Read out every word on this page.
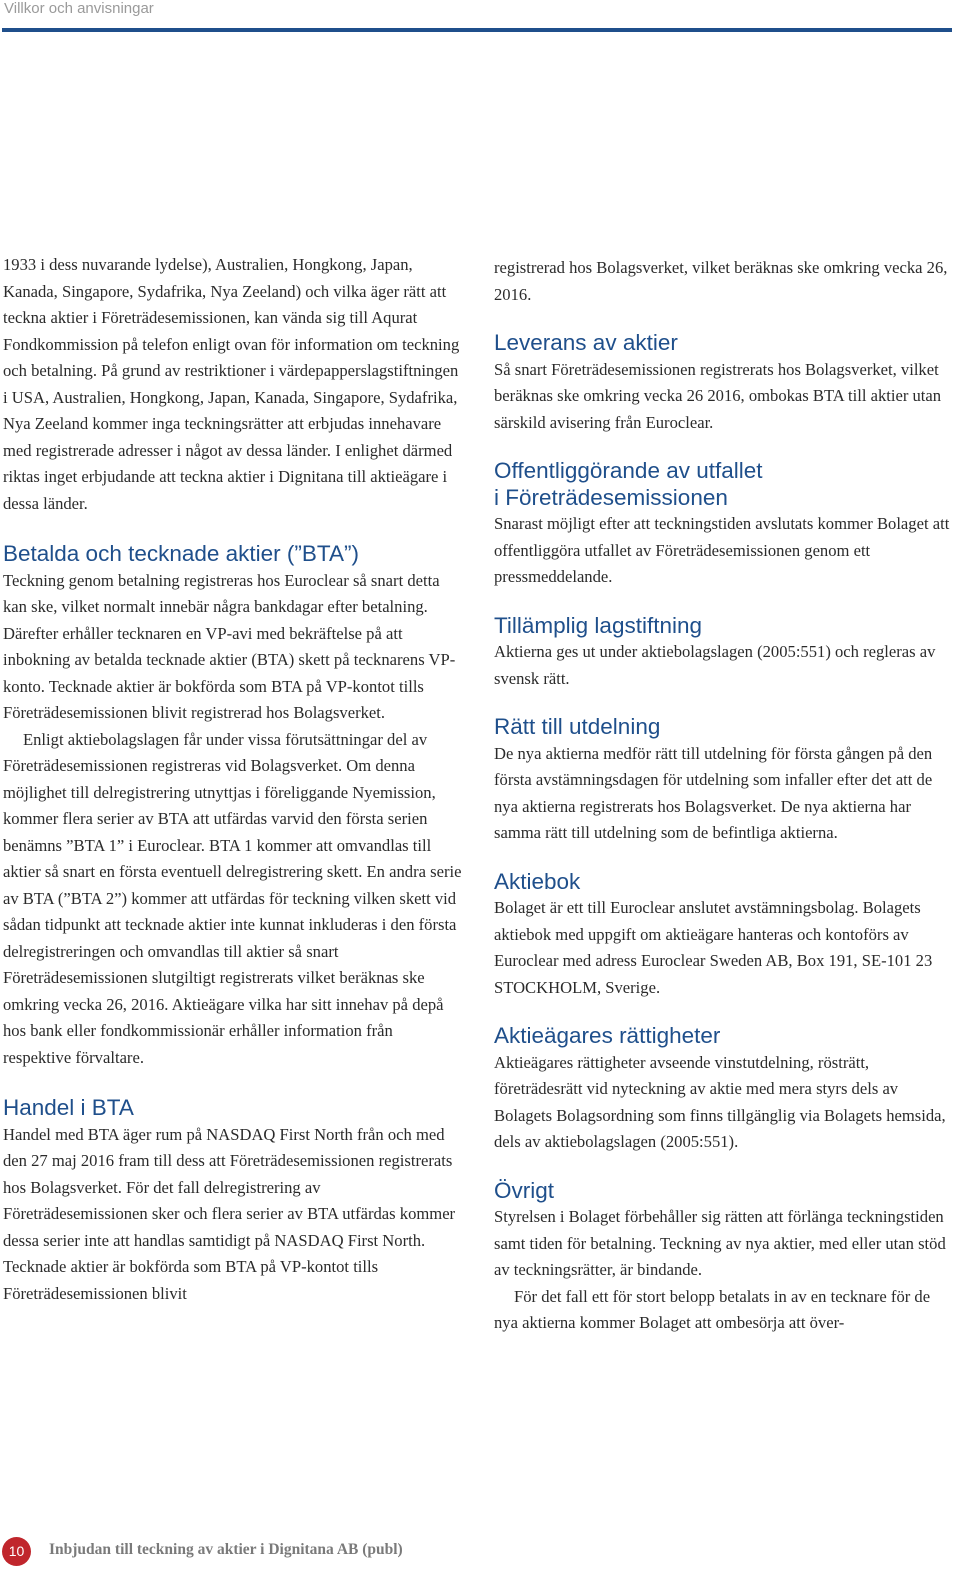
Villkor och anvisningar

1933 i dess nuvarande lydelse), Australien, Hongkong, Japan, Kanada, Singapore, Sydafrika, Nya Zeeland) och vilka äger rätt att teckna aktier i Företrädesemissionen, kan vända sig till Aqurat Fondkommission på telefon enligt ovan för information om teckning och betalning. På grund av restriktioner i värdepapperslagstiftningen i USA, Australien, Hongkong, Japan, Kanada, Singapore, Sydafrika, Nya Zeeland kommer inga teckningsrätter att erbjudas innehavare med registrerade adresser i något av dessa länder. I enlighet därmed riktas inget erbjudande att teckna aktier i Dignitana till aktieägare i dessa länder.

Betalda och tecknade aktier (”BTA”)

Teckning genom betalning registreras hos Euroclear så snart detta kan ske, vilket normalt innebär några bankdagar efter betalning. Därefter erhåller tecknaren en VP-avi med bekräftelse på att inbokning av betalda tecknade aktier (BTA) skett på tecknarens VP-konto. Tecknade aktier är bokförda som BTA på VP-kontot tills Företrädesemissionen blivit registrerad hos Bolagsverket.

Enligt aktiebolagslagen får under vissa förutsättningar del av Företrädesemissionen registreras vid Bolagsverket. Om denna möjlighet till delregistrering utnyttjas i föreliggande Nyemission, kommer flera serier av BTA att utfärdas varvid den första serien benämns ”BTA 1” i Euroclear. BTA 1 kommer att omvandlas till aktier så snart en första eventuell delregistrering skett. En andra serie av BTA (”BTA 2”) kommer att utfärdas för teckning vilken skett vid sådan tidpunkt att tecknade aktier inte kunnat inkluderas i den första delregistreringen och omvandlas till aktier så snart Företrädesemissionen slutgiltigt registrerats vilket beräknas ske omkring vecka 26, 2016. Aktieägare vilka har sitt innehav på depå hos bank eller fondkommissionär erhåller information från respektive förvaltare.

Handel i BTA

Handel med BTA äger rum på NASDAQ First North från och med den 27 maj 2016 fram till dess att Företrädesemissionen registrerats hos Bolagsverket. För det fall delregistrering av Företrädesemissionen sker och flera serier av BTA utfärdas kommer dessa serier inte att handlas samtidigt på NASDAQ First North. Tecknade aktier är bokförda som BTA på VP-kontot tills Företrädesemissionen blivit

registrerad hos Bolagsverket, vilket beräknas ske omkring vecka 26, 2016.

Leverans av aktier

Så snart Företrädesemissionen registrerats hos Bolagsverket, vilket beräknas ske omkring vecka 26 2016, ombokas BTA till aktier utan särskild avisering från Euroclear.

Offentliggörande av utfallet
i Företrädesemissionen

Snarast möjligt efter att teckningstiden avslutats kommer Bolaget att offentliggöra utfallet av Företrädesemissionen genom ett pressmeddelande.

Tillämplig lagstiftning

Aktierna ges ut under aktiebolagslagen (2005:551) och regleras av svensk rätt.

Rätt till utdelning

De nya aktierna medför rätt till utdelning för första gången på den första avstämningsdagen för utdelning som infaller efter det att de nya aktierna registrerats hos Bolagsverket. De nya aktierna har samma rätt till utdelning som de befintliga aktierna.

Aktiebok

Bolaget är ett till Euroclear anslutet avstämningsbolag. Bolagets aktiebok med uppgift om aktieägare hanteras och kontoförs av Euroclear med adress Euroclear Sweden AB, Box 191, SE-101 23 STOCKHOLM, Sverige.

Aktieägares rättigheter

Aktieägares rättigheter avseende vinstutdelning, rösträtt, företrädesrätt vid nyteckning av aktie med mera styrs dels av Bolagets Bolagsordning som finns tillgänglig via Bolagets hemsida, dels av aktiebolagslagen (2005:551).

Övrigt

Styrelsen i Bolaget förbehåller sig rätten att förlänga teckningstiden samt tiden för betalning. Teckning av nya aktier, med eller utan stöd av teckningsrätter, är bindande.

För det fall ett för stort belopp betalats in av en tecknare för de nya aktierna kommer Bolaget att ombesörja att över-

10	Inbjudan till teckning av aktier i Dignitana AB (publ)
